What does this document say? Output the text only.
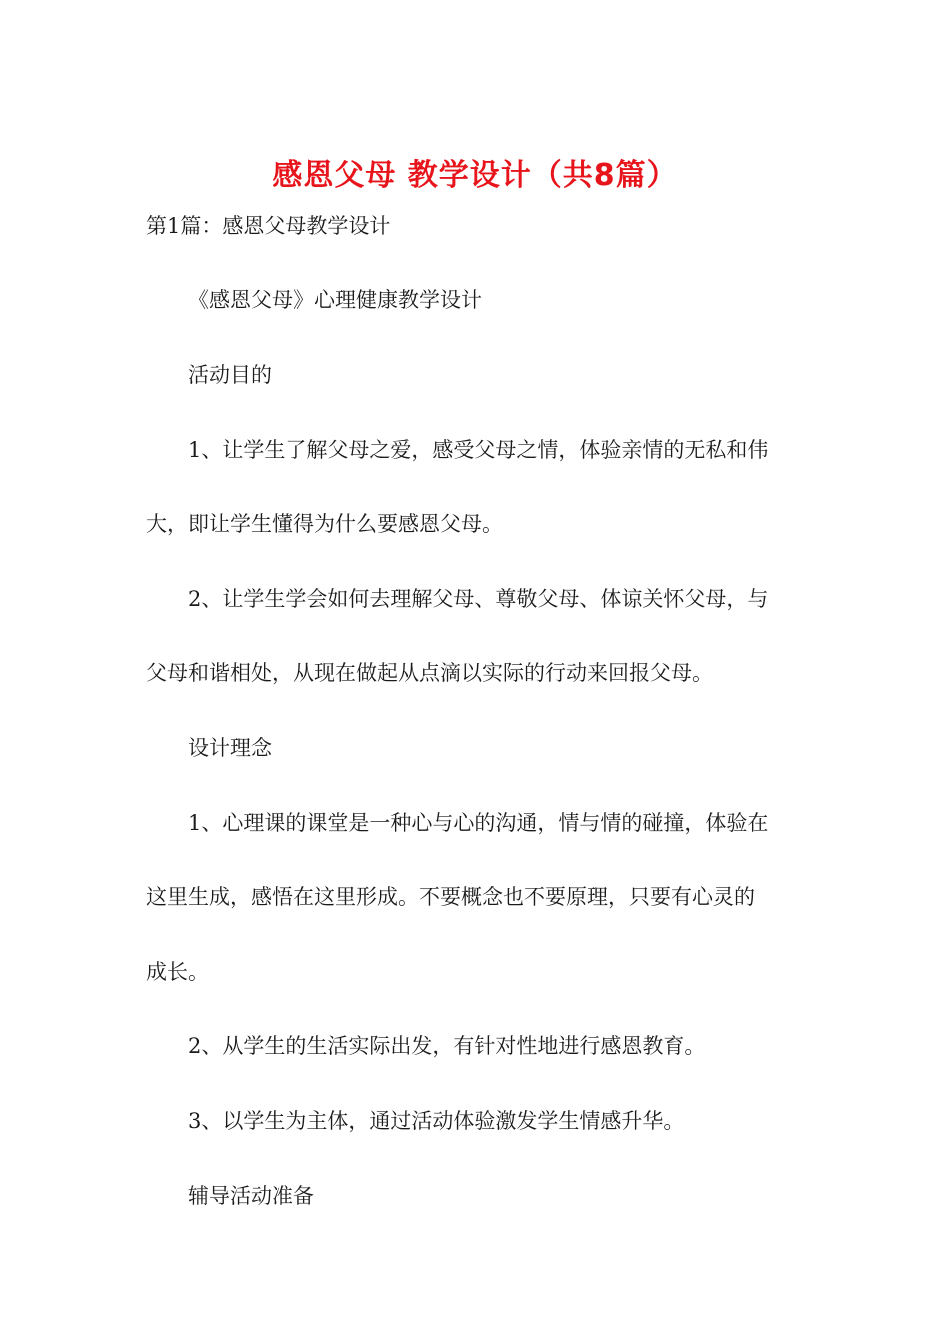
感恩父母 教学设计（共8篇）

第1篇：感恩父母教学设计

《感恩父母》心理健康教学设计

活动目的

1、让学生了解父母之爱，感受父母之情，体验亲情的无私和伟

大，即让学生懂得为什么要感恩父母。

2、让学生学会如何去理解父母、尊敬父母、体谅关怀父母，与

父母和谐相处，从现在做起从点滴以实际的行动来回报父母。

设计理念

1、心理课的课堂是一种心与心的沟通，情与情的碰撞，体验在

这里生成，感悟在这里形成。不要概念也不要原理，只要有心灵的

成长。

2、从学生的生活实际出发，有针对性地进行感恩教育。

3、以学生为主体，通过活动体验激发学生情感升华。

辅导活动准备
